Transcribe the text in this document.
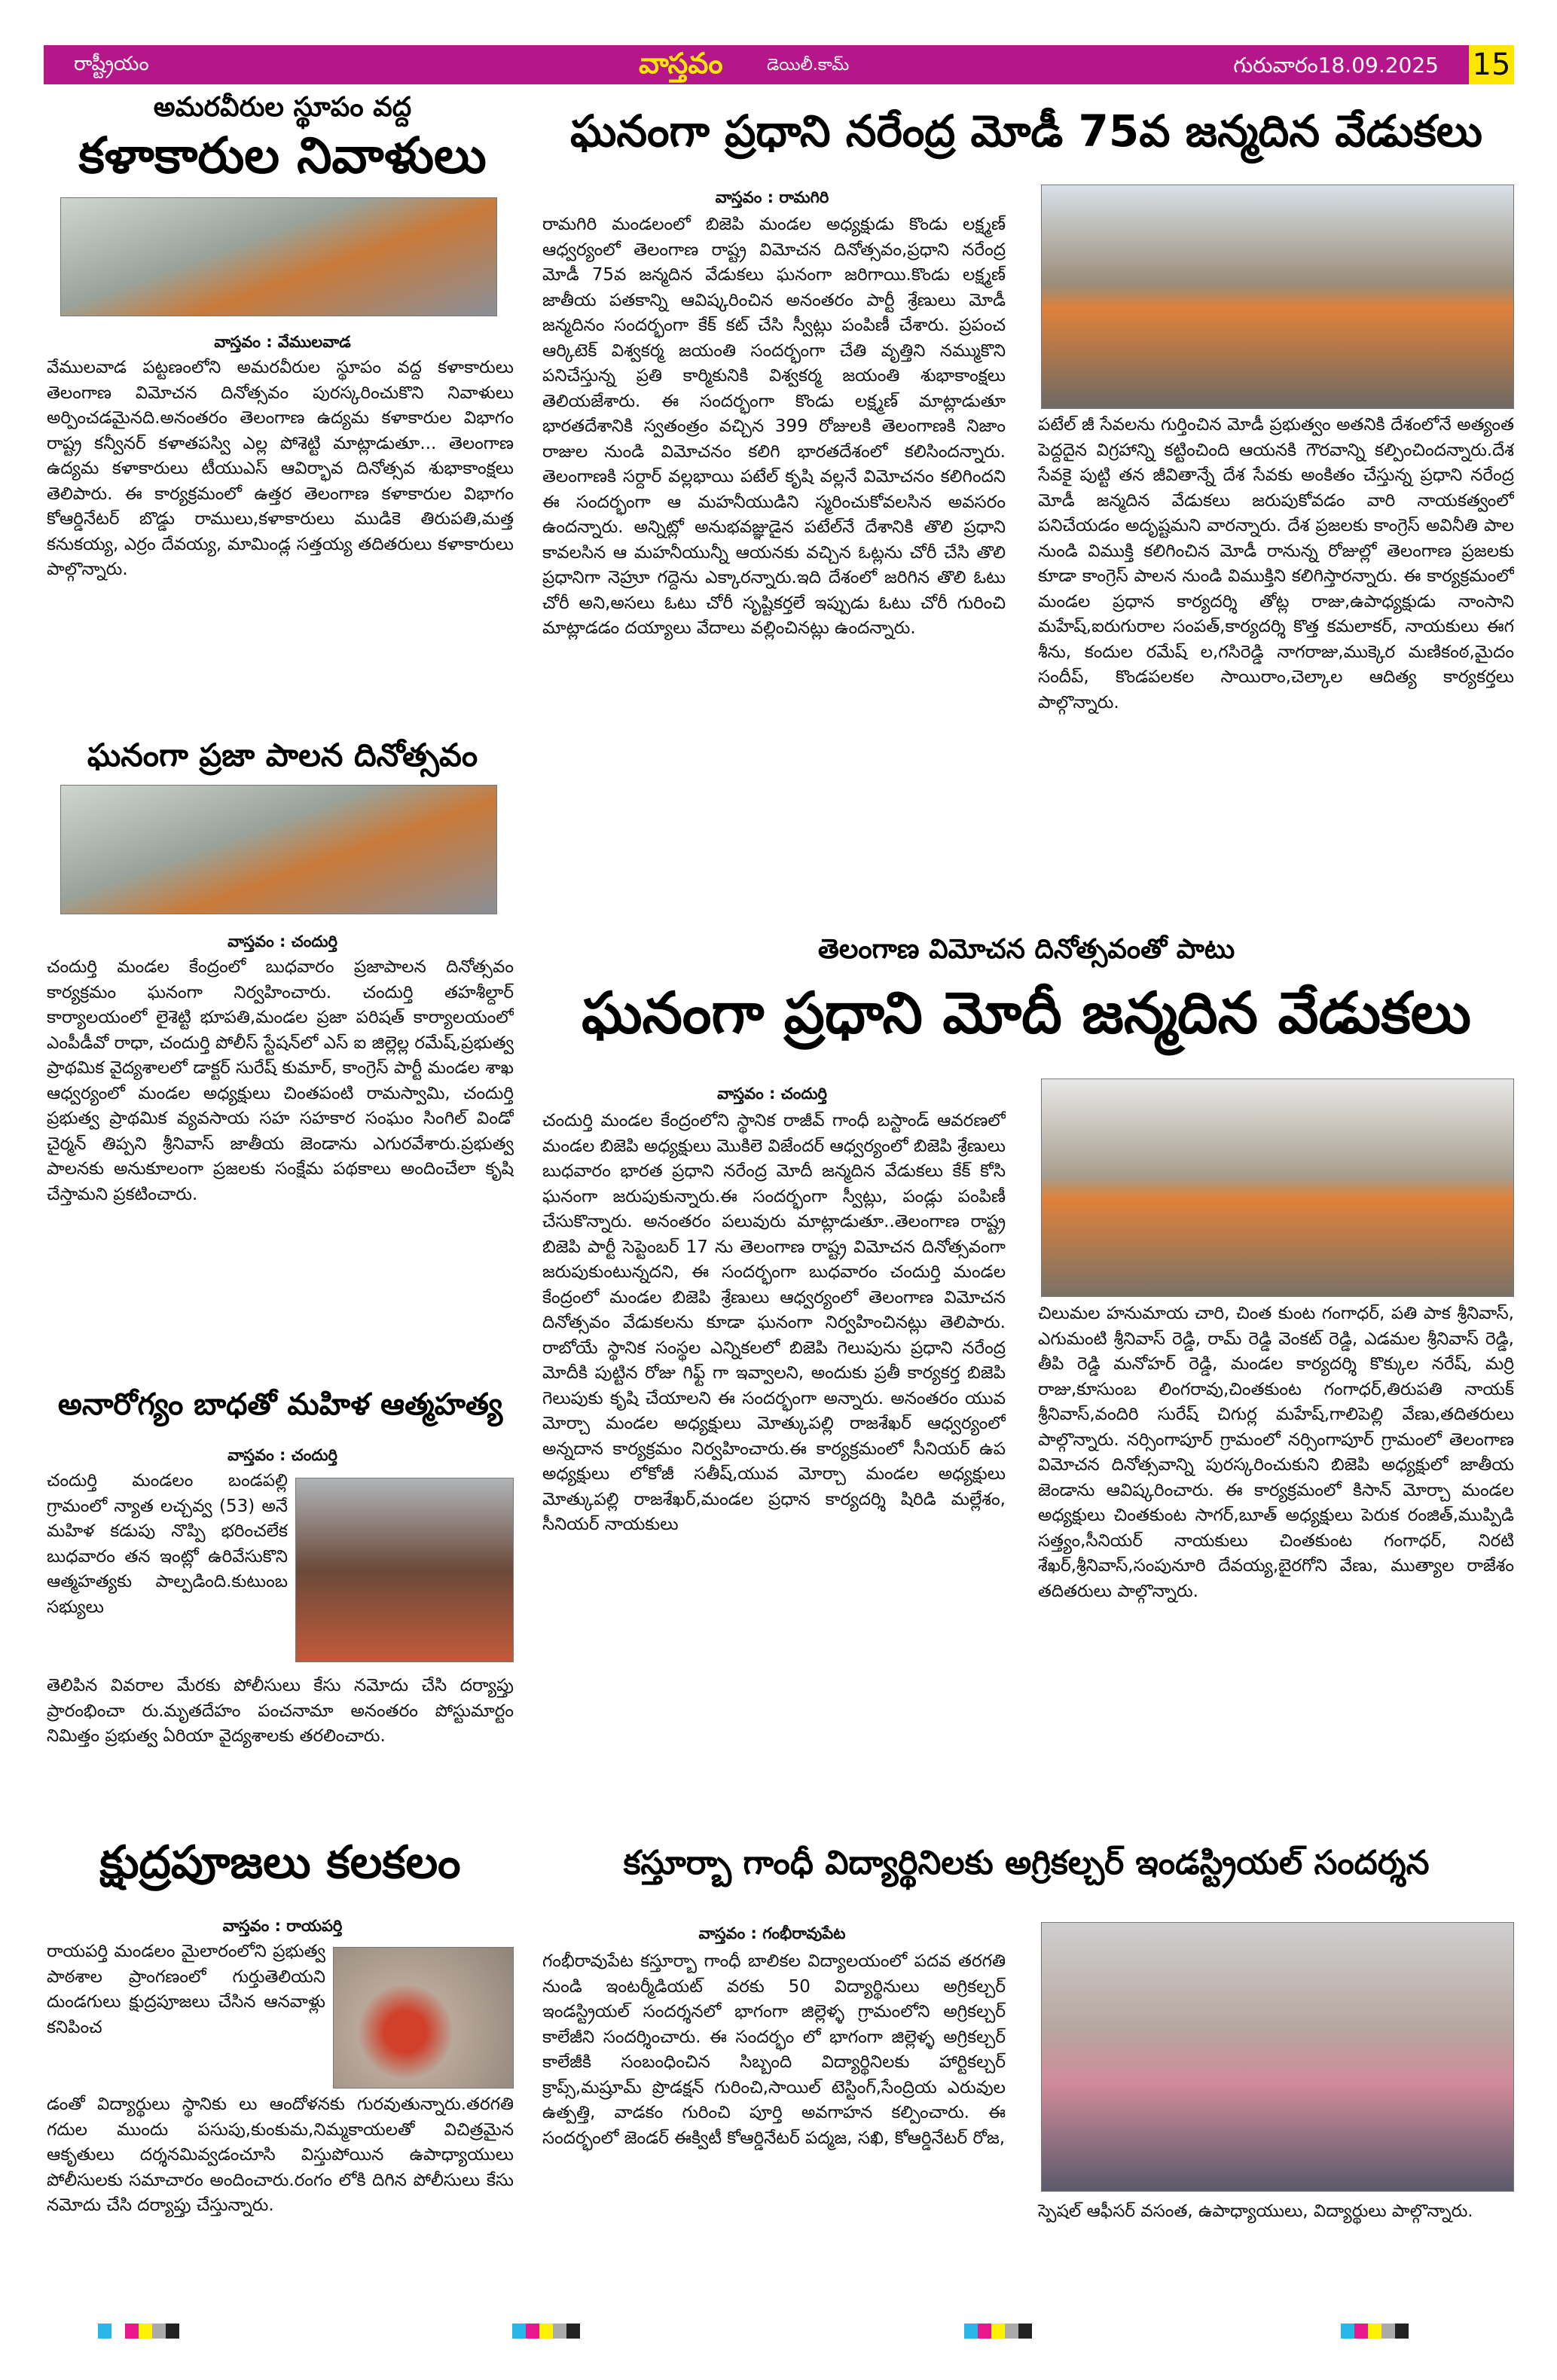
రాష్ట్రీయం	వాస్తవం	డెయిలీ.కామ్	గురువారం18.09.2025 15
అమరవీరుల స్థూపం వద్ద
కళాకారుల నివాళులు
వాస్తవం : వేములవాడ
వేములవాడ పట్టణంలోని అమరవీరుల స్థూపం వద్ద కళాకారులు తెలంగాణ విమోచన దినోత్సవం పురస్కరించుకొని నివాళులు అర్పించడమైనది.అనంతరం తెలంగాణ ఉద్యమ కళాకారుల విభాగం రాష్ట్ర కన్వీనర్ కళాతపస్వి ఎల్ల పోశెట్టి మాట్లాడుతూ... తెలంగాణ ఉద్యమ కళాకారులు టీయుఎస్ ఆవిర్భావ దినోత్సవ శుభాకాంక్షలు తెలిపారు. ఈ కార్యక్రమంలో ఉత్తర తెలంగాణ కళాకారుల విభాగం కోఆర్డినేటర్ బొడ్డు రాములు,కళాకారులు ముడికె తిరుపతి,మత్త కనుకయ్య, ఎర్రం దేవయ్య, మామిండ్ల సత్తయ్య తదితరులు కళాకారులు పాల్గొన్నారు.
ఘనంగా ప్రజా పాలన దినోత్సవం
వాస్తవం : చందుర్తి
చందుర్తి మండల కేంద్రంలో బుధవారం ప్రజాపాలన దినోత్సవం కార్యక్రమం ఘనంగా నిర్వహించారు. చందుర్తి తహశీల్దార్ కార్యాలయంలో లైశెట్టి భూపతి,మండల ప్రజా పరిషత్ కార్యాలయంలో ఎంపీడీవో రాధా, చందుర్తి పోలీస్ స్టేషన్‌లో ఎస్ ఐ జిల్లెల్ల రమేష్,ప్రభుత్వ ప్రాథమిక వైద్యశాలలో డాక్టర్ సురేష్ కుమార్, కాంగ్రెస్ పార్టీ మండల శాఖ ఆధ్వర్యంలో మండల అధ్యక్షులు చింతపంటి రామస్వామి, చందుర్తి ప్రభుత్వ ప్రాథమిక వ్యవసాయ సహ సహకార సంఘం సింగిల్ విండో చైర్మన్ తిప్పని శ్రీనివాస్ జాతీయ జెండాను ఎగురవేశారు.ప్రభుత్వ పాలనకు అనుకూలంగా ప్రజలకు సంక్షేమ పథకాలు అందించేలా కృషి చేస్తామని ప్రకటించారు.
అనారోగ్యం బాధతో మహిళ ఆత్మహత్య
వాస్తవం : చందుర్తి
చందుర్తి మండలం బండపల్లి గ్రామంలో న్యాత లచ్చవ్వ (53) అనే మహిళ కడుపు నొప్పి భరించలేక బుధవారం తన ఇంట్లో ఉరివేసుకొని ఆత్మహత్యకు పాల్పడింది.కుటుంబ సభ్యులు
తెలిపిన వివరాల మేరకు పోలీసులు కేసు నమోదు చేసి దర్యాప్తు ప్రారంభించా రు.మృతదేహం పంచనామా అనంతరం పోస్టుమార్టం నిమిత్తం ప్రభుత్వ ఏరియా వైద్యశాలకు తరలించారు.
క్షుద్రపూజలు కలకలం
వాస్తవం : రాయపర్తి
రాయపర్తి మండలం మైలారంలోని ప్రభుత్వ పాఠశాల ప్రాంగణంలో గుర్తుతెలియని దుండగులు క్షుద్రపూజలు చేసిన ఆనవాళ్లు కనిపించ
డంతో విద్యార్థులు స్థానికు లు ఆందోళనకు గురవుతున్నారు.తరగతి గదుల ముందు పసుపు,కుంకుమ,నిమ్మకాయలతో విచిత్రమైన ఆకృతులు దర్శనమివ్వడంచూసి విస్తుపోయిన ఉపాధ్యాయులు పోలీసులకు సమాచారం అందించారు.రంగం లోకి దిగిన పోలీసులు కేసు నమోదు చేసి దర్యాప్తు చేస్తున్నారు.
ఘనంగా ప్రధాని నరేంద్ర మోడీ 75వ జన్మదిన వేడుకలు
వాస్తవం : రామగిరి
రామగిరి మండలంలో బిజెపి మండల అధ్యక్షుడు కొండు లక్ష్మణ్ ఆధ్వర్యంలో తెలంగాణ రాష్ట్ర విమోచన దినోత్సవం,ప్రధాని నరేంద్ర మోడీ 75వ జన్మదిన వేడుకలు ఘనంగా జరిగాయి.కొండు లక్ష్మణ్ జాతీయ పతకాన్ని ఆవిష్కరించిన అనంతరం పార్టీ శ్రేణులు మోడీ జన్మదినం సందర్భంగా కేక్ కట్ చేసి స్వీట్లు పంపిణీ చేశారు. ప్రపంచ ఆర్కిటెక్ విశ్వకర్మ జయంతి సందర్భంగా చేతి వృత్తిని నమ్ముకొని పనిచేస్తున్న ప్రతి కార్మికునికి విశ్వకర్మ జయంతి శుభాకాంక్షలు తెలియజేశారు. ఈ సందర్భంగా కొండు లక్ష్మణ్ మాట్లాడుతూ భారతదేశానికి స్వతంత్రం వచ్చిన 399 రోజులకి తెలంగాణకి నిజాం రాజుల నుండి విమోచనం కలిగి భారతదేశంలో కలిసిందన్నారు. తెలంగాణకి సర్దార్ వల్లభాయి పటేల్ కృషి వల్లనే విమోచనం కలిగిందని ఈ సందర్భంగా ఆ మహనీయుడిని స్మరించుకోవలసిన అవసరం ఉందన్నారు. అన్నిట్లో అనుభవజ్ఞుడైన పటేల్‌నే దేశానికి తొలి ప్రధాని కావలసిన ఆ మహనీయున్నీ ఆయనకు వచ్చిన ఓట్లను చోరీ చేసి తొలి ప్రధానిగా నెహ్రూ గద్దెను ఎక్కారన్నారు.ఇది దేశంలో జరిగిన తొలి ఓటు చోరీ అని,అసలు ఓటు చోరీ సృష్టికర్తలే ఇప్పుడు ఓటు చోరీ గురించి మాట్లాడడం దయ్యాలు వేదాలు వల్లించినట్లు ఉందన్నారు.
పటేల్ జీ సేవలను గుర్తించిన మోడీ ప్రభుత్వం అతనికి దేశంలోనే అత్యంత పెద్దదైన విగ్రహాన్ని కట్టించింది ఆయనకి గౌరవాన్ని కల్పించిందన్నారు.దేశ సేవకై పుట్టి తన జీవితాన్నే దేశ సేవకు అంకితం చేస్తున్న ప్రధాని నరేంద్ర మోడీ జన్మదిన వేడుకలు జరుపుకోవడం వారి నాయకత్వంలో పనిచేయడం అదృష్టమని వారన్నారు. దేశ ప్రజలకు కాంగ్రెస్ అవినీతి పాల నుండి విముక్తి కలిగించిన మోడీ రానున్న రోజుల్లో తెలంగాణ ప్రజలకు కూడా కాంగ్రెస్ పాలన నుండి విముక్తిని కలిగిస్తారన్నారు. ఈ కార్యక్రమంలో మండల ప్రధాన కార్యదర్శి తోట్ల రాజు,ఉపాధ్యక్షుడు నాంసాని మహేష్,ఐరుగురాల సంపత్,కార్యదర్శి కొత్త కమలాకర్, నాయకులు ఈగ శీను, కందుల రమేష్ ల,గసిరెడ్డి నాగరాజు,ముక్కెర మణికంఠ,మైదం సందీప్, కొండపలకల సాయిరాం,చెల్కాల ఆదిత్య కార్యకర్తలు పాల్గొన్నారు.
తెలంగాణ విమోచన దినోత్సవంతో పాటు
ఘనంగా ప్రధాని మోదీ జన్మదిన వేడుకలు
వాస్తవం : చందుర్తి
చందుర్తి మండల కేంద్రంలోని స్థానిక రాజీవ్ గాంధీ బస్టాండ్ ఆవరణలో మండల బిజెపి అధ్యక్షులు మొకిలె విజేందర్ ఆధ్వర్యంలో బిజెపి శ్రేణులు బుధవారం భారత ప్రధాని నరేంద్ర మోదీ జన్మదిన వేడుకలు కేక్ కోసి ఘనంగా జరుపుకున్నారు.ఈ సందర్భంగా స్వీట్లు, పండ్లు పంపిణీ చేసుకొన్నారు. అనంతరం పలువురు మాట్లాడుతూ..తెలంగాణ రాష్ట్ర బిజెపి పార్టీ సెప్టెంబర్ 17 ను తెలంగాణ రాష్ట్ర విమోచన దినోత్సవంగా జరుపుకుంటున్నదని, ఈ సందర్భంగా బుధవారం చందుర్తి మండల కేంద్రంలో మండల బిజెపి శ్రేణులు ఆధ్వర్యంలో తెలంగాణ విమోచన దినోత్సవం వేడుకలను కూడా ఘనంగా నిర్వహించినట్లు తెలిపారు. రాబోయే స్థానిక సంస్థల ఎన్నికలలో బిజెపి గెలుపును ప్రధాని నరేంద్ర మోదీకి పుట్టిన రోజు గిఫ్ట్ గా ఇవ్వాలని, అందుకు ప్రతీ కార్యకర్త బిజెపి గెలుపుకు కృషి చేయాలని ఈ సందర్భంగా అన్నారు. అనంతరం యువ మోర్చా మండల అధ్యక్షులు మోత్కుపల్లి రాజశేఖర్ ఆధ్వర్యంలో అన్నదాన కార్యక్రమం నిర్వహించారు.ఈ కార్యక్రమంలో సీనియర్ ఉప అధ్యక్షులు లోకోజీ సతీష్,యువ మోర్చా మండల అధ్యక్షులు మోత్కుపల్లి రాజశేఖర్,మండల ప్రధాన కార్యదర్శి షిరిడి మల్లేశం, సీనియర్ నాయకులు
చిలుమల హనుమాయ చారి, చింత కుంట గంగాధర్, పతి పాక శ్రీనివాస్, ఎగుమంటి శ్రీనివాస్ రెడ్డి, రామ్ రెడ్డి వెంకట్ రెడ్డి, ఎడమల శ్రీనివాస్ రెడ్డి, తీపి రెడ్డి మనోహర్ రెడ్డి, మండల కార్యదర్శి కొక్కుల నరేష్, మర్రి రాజు,కూసుంబ లింగరావు,చింతకుంట గంగాధర్,తిరుపతి నాయక్ శ్రీనివాస్,వందిరి సురేష్ చిగుర్ల మహేష్,గాలిపెల్లి వేణు,తదితరులు పాల్గొన్నారు. నర్సింగాపూర్ గ్రామంలో నర్సింగాపూర్ గ్రామంలో తెలంగాణ విమోచన దినోత్సవాన్ని పురస్కరించుకుని బిజెపి అధ్యక్షులో జాతీయ జెండాను ఆవిష్కరించారు. ఈ కార్యక్రమంలో కిసాన్ మోర్చా మండల అధ్యక్షులు చింతకుంట సాగర్,బూత్ అధ్యక్షులు పెరుక రంజిత్,ముప్పిడి సత్త్యం,సీనియర్ నాయకులు చింతకుంట గంగాధర్, నిరటి శేఖర్,శ్రీనివాస్,సంపునూరి దేవయ్య,బైరగోని వేణు, ముత్యాల రాజేశం తదితరులు పాల్గొన్నారు.
కస్తూర్బా గాంధీ విద్యార్థినిలకు అగ్రికల్చర్ ఇండస్ట్రియల్ సందర్శన
వాస్తవం : గంభీరావుపేట
గంభీరావుపేట కస్తూర్బా గాంధీ బాలికల విద్యాలయంలో పదవ తరగతి నుండి ఇంటర్మీడియట్ వరకు 50 విద్యార్థినులు అగ్రికల్చర్ ఇండస్ట్రియల్ సందర్శనలో భాగంగా జిల్లెళ్ళ గ్రామంలోని అగ్రికల్చర్ కాలేజీని సందర్శించారు. ఈ సందర్భం లో భాగంగా జిల్లెళ్ళ అగ్రికల్చర్ కాలేజీకి సంబంధించిన సిబ్బంది విద్యార్థినిలకు హార్టికల్చర్ క్రాప్స్,మష్రూమ్ ప్రొడక్షన్ గురించి,సాయిల్ టెస్టింగ్,సేంద్రియ ఎరువుల ఉత్పత్తి, వాడకం గురించి పూర్తి అవగాహన కల్పించారు. ఈ సందర్భంలో జెండర్ ఈక్విటీ కోఆర్డినేటర్ పద్మజ, సఖి, కోఆర్డినేటర్ రోజ,
స్పెషల్ ఆఫీసర్ వసంత, ఉపాధ్యాయులు, విద్యార్థులు పాల్గొన్నారు.
